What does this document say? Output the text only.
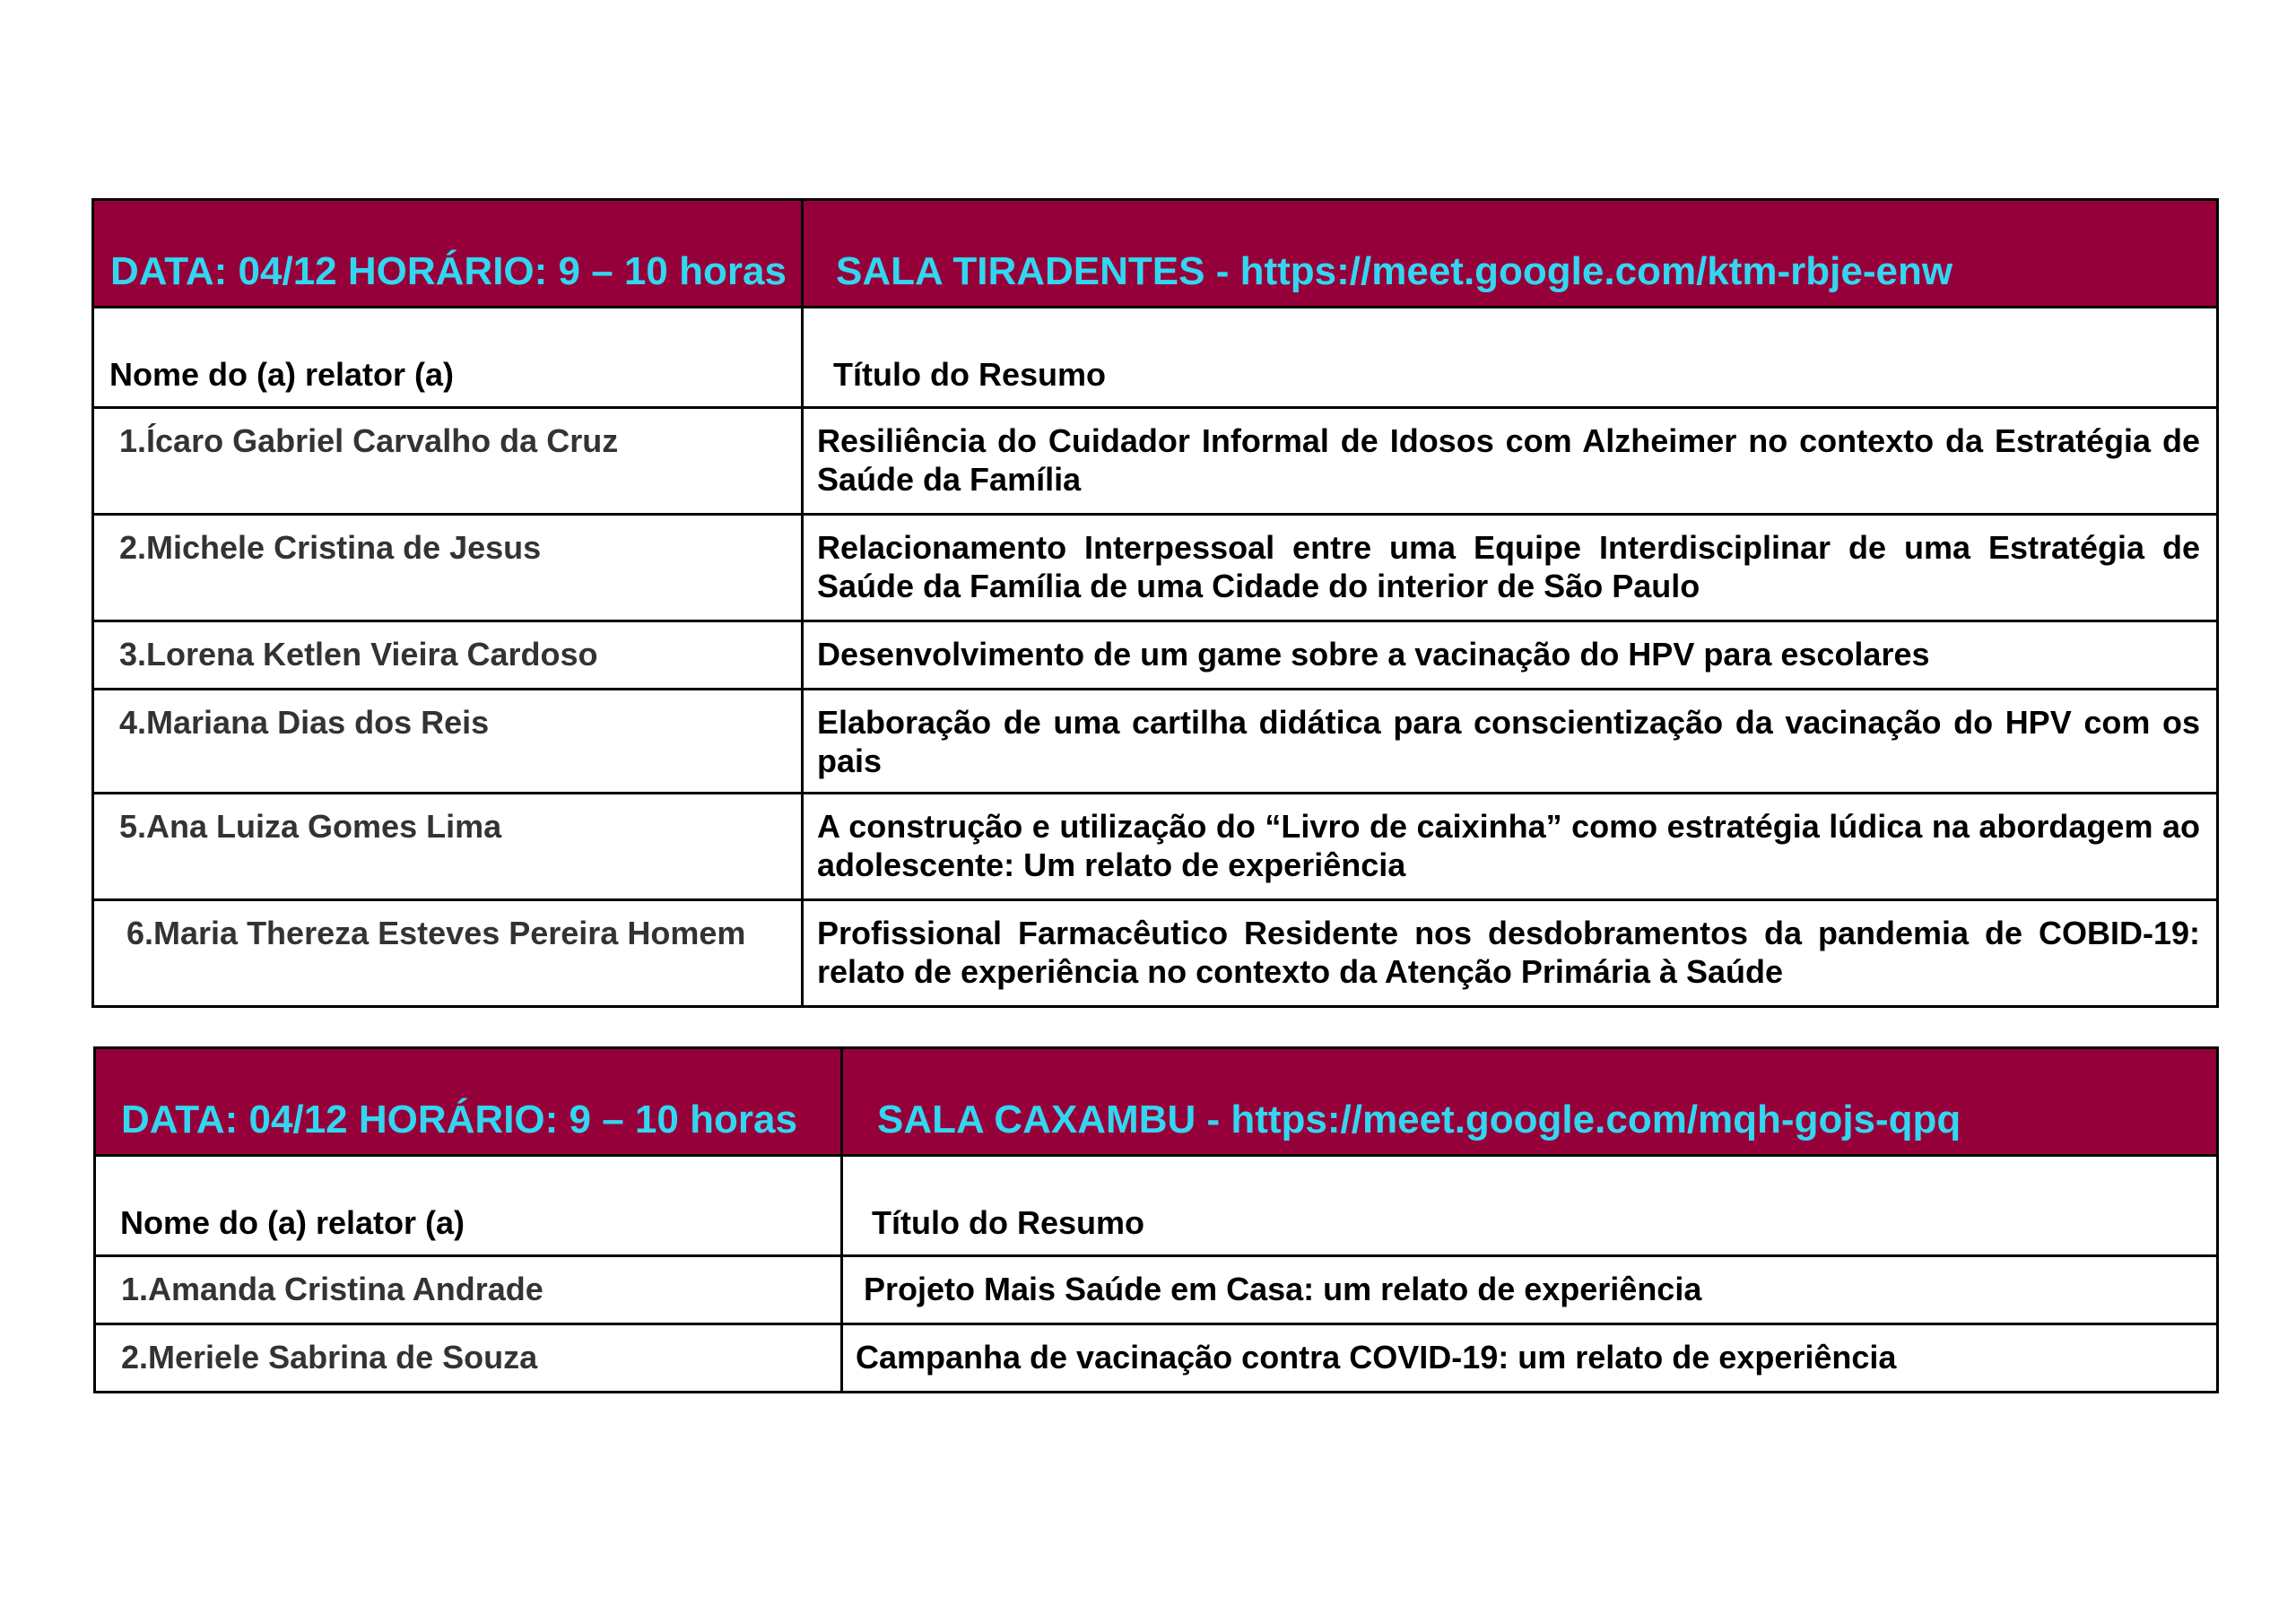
DATA: 04/12 HORÁRIO: 9 – 10 horas	SALA TIRADENTES - https://meet.google.com/ktm-rbje-enw
Nome do (a) relator (a)	Título do Resumo
1.Ícaro Gabriel Carvalho da Cruz	Resiliência do Cuidador Informal de Idosos com Alzheimer no contexto da Estratégia de Saúde da Família
2.Michele Cristina de Jesus	Relacionamento Interpessoal entre uma Equipe Interdisciplinar de uma Estratégia de Saúde da Família de uma Cidade do interior de São Paulo
3.Lorena Ketlen Vieira Cardoso	Desenvolvimento de um game sobre a vacinação do HPV para escolares
4.Mariana Dias dos Reis	Elaboração de uma cartilha didática para conscientização da vacinação do HPV com os pais
5.Ana Luiza Gomes Lima	A construção e utilização do “Livro de caixinha” como estratégia lúdica na abordagem ao adolescente: Um relato de experiência
6.Maria Thereza Esteves Pereira Homem	Profissional Farmacêutico Residente nos desdobramentos da pandemia de COBID-19: relato de experiência no contexto da Atenção Primária à Saúde
DATA: 04/12 HORÁRIO: 9 – 10 horas	SALA CAXAMBU - https://meet.google.com/mqh-gojs-qpq
Nome do (a) relator (a)	Título do Resumo
1.Amanda Cristina Andrade	Projeto Mais Saúde em Casa: um relato de experiência
2.Meriele Sabrina de Souza	Campanha de vacinação contra COVID-19: um relato de experiência
